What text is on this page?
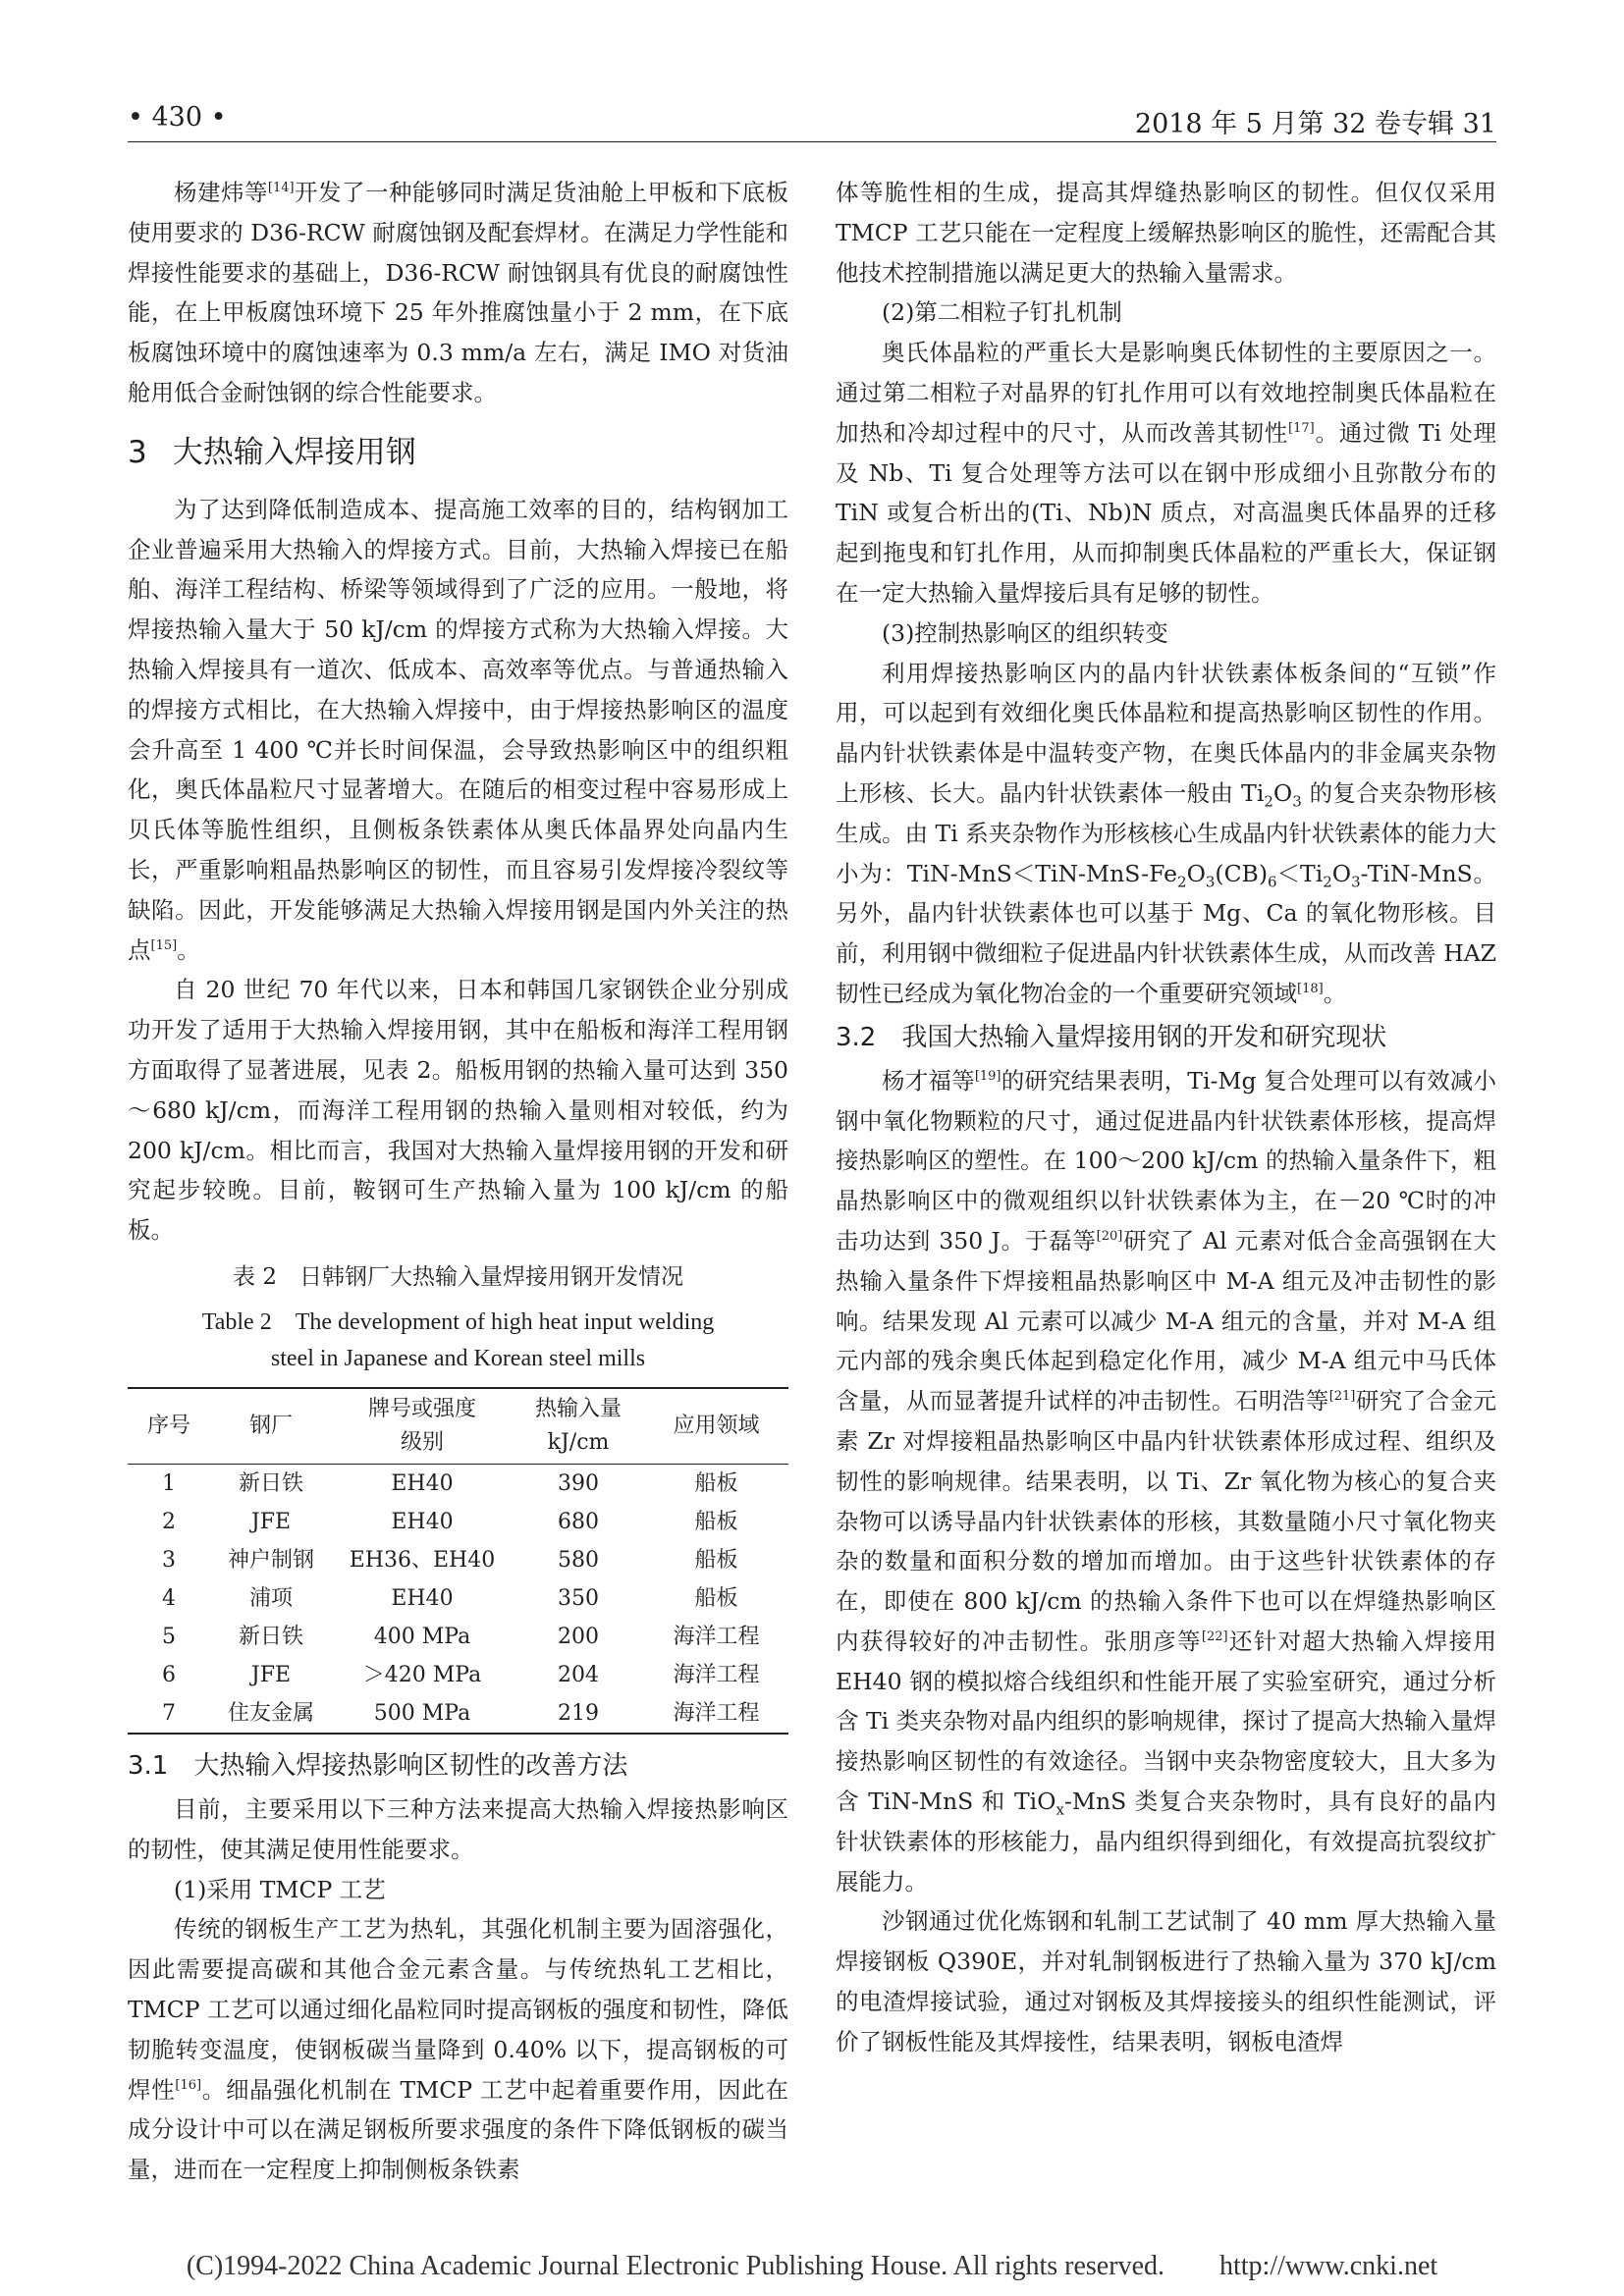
• 430 •	2018 年 5 月第 32 卷专辑 31

杨建炜等[14]开发了一种能够同时满足货油舱上甲板和下底板使用要求的 D36-RCW 耐腐蚀钢及配套焊材。在满足力学性能和焊接性能要求的基础上，D36-RCW 耐蚀钢具有优良的耐腐蚀性能，在上甲板腐蚀环境下 25 年外推腐蚀量小于 2 mm，在下底板腐蚀环境中的腐蚀速率为 0.3 mm/a 左右，满足 IMO 对货油舱用低合金耐蚀钢的综合性能要求。

3 大热输入焊接用钢

为了达到降低制造成本、提高施工效率的目的，结构钢加工企业普遍采用大热输入的焊接方式。目前，大热输入焊接已在船舶、海洋工程结构、桥梁等领域得到了广泛的应用。一般地，将焊接热输入量大于 50 kJ/cm 的焊接方式称为大热输入焊接。大热输入焊接具有一道次、低成本、高效率等优点。与普通热输入的焊接方式相比，在大热输入焊接中，由于焊接热影响区的温度会升高至 1 400 ℃并长时间保温，会导致热影响区中的组织粗化，奥氏体晶粒尺寸显著增大。在随后的相变过程中容易形成上贝氏体等脆性组织，且侧板条铁素体从奥氏体晶界处向晶内生长，严重影响粗晶热影响区的韧性，而且容易引发焊接冷裂纹等缺陷。因此，开发能够满足大热输入焊接用钢是国内外关注的热点[15]。

自 20 世纪 70 年代以来，日本和韩国几家钢铁企业分别成功开发了适用于大热输入焊接用钢，其中在船板和海洋工程用钢方面取得了显著进展，见表 2。船板用钢的热输入量可达到 350～680 kJ/cm，而海洋工程用钢的热输入量则相对较低，约为 200 kJ/cm。相比而言，我国对大热输入量焊接用钢的开发和研究起步较晚。目前，鞍钢可生产热输入量为 100 kJ/cm 的船板。

表 2　日韩钢厂大热输入量焊接用钢开发情况
Table 2　The development of high heat input welding
steel in Japanese and Korean steel mills
序号	钢厂	牌号或强度级别	热输入量kJ/cm	应用领域
1	新日铁	EH40	390	船板
2	JFE	EH40	680	船板
3	神户制钢	EH36、EH40	580	船板
4	浦项	EH40	350	船板
5	新日铁	400 MPa	200	海洋工程
6	JFE	＞420 MPa	204	海洋工程
7	住友金属	500 MPa	219	海洋工程
3.1 大热输入焊接热影响区韧性的改善方法

目前，主要采用以下三种方法来提高大热输入焊接热影响区的韧性，使其满足使用性能要求。

(1)采用 TMCP 工艺

传统的钢板生产工艺为热轧，其强化机制主要为固溶强化，因此需要提高碳和其他合金元素含量。与传统热轧工艺相比，TMCP 工艺可以通过细化晶粒同时提高钢板的强度和韧性，降低韧脆转变温度，使钢板碳当量降到 0.40% 以下，提高钢板的可焊性[16]。细晶强化机制在 TMCP 工艺中起着重要作用，因此在成分设计中可以在满足钢板所要求强度的条件下降低钢板的碳当量，进而在一定程度上抑制侧板条铁素

体等脆性相的生成，提高其焊缝热影响区的韧性。但仅仅采用 TMCP 工艺只能在一定程度上缓解热影响区的脆性，还需配合其他技术控制措施以满足更大的热输入量需求。

(2)第二相粒子钉扎机制

奥氏体晶粒的严重长大是影响奥氏体韧性的主要原因之一。通过第二相粒子对晶界的钉扎作用可以有效地控制奥氏体晶粒在加热和冷却过程中的尺寸，从而改善其韧性[17]。通过微 Ti 处理及 Nb、Ti 复合处理等方法可以在钢中形成细小且弥散分布的 TiN 或复合析出的(Ti、Nb)N 质点，对高温奥氏体晶界的迁移起到拖曳和钉扎作用，从而抑制奥氏体晶粒的严重长大，保证钢在一定大热输入量焊接后具有足够的韧性。

(3)控制热影响区的组织转变

利用焊接热影响区内的晶内针状铁素体板条间的“互锁”作用，可以起到有效细化奥氏体晶粒和提高热影响区韧性的作用。晶内针状铁素体是中温转变产物，在奥氏体晶内的非金属夹杂物上形核、长大。晶内针状铁素体一般由 $Ti_2O_3$ 的复合夹杂物形核生成。由 Ti 系夹杂物作为形核核心生成晶内针状铁素体的能力大小为：TiN-$MnS<TiN-MnS-Fe_2O_3(CB)_6<Ti_2O_3-TiN$-MnS。另外，晶内针状铁素体也可以基于 Mg、Ca 的氧化物形核。目前，利用钢中微细粒子促进晶内针状铁素体生成，从而改善 HAZ 韧性已经成为氧化物冶金的一个重要研究领域[18]。

3.2 我国大热输入量焊接用钢的开发和研究现状

杨才福等[19]的研究结果表明，Ti-Mg 复合处理可以有效减小钢中氧化物颗粒的尺寸，通过促进晶内针状铁素体形核，提高焊接热影响区的塑性。在 100～200 kJ/cm 的热输入量条件下，粗晶热影响区中的微观组织以针状铁素体为主，在－20 ℃时的冲击功达到 350 J。于磊等[20]研究了 Al 元素对低合金高强钢在大热输入量条件下焊接粗晶热影响区中 M-A 组元及冲击韧性的影响。结果发现 Al 元素可以减少 M-A 组元的含量，并对 M-A 组元内部的残余奥氏体起到稳定化作用，减少 M-A 组元中马氏体含量，从而显著提升试样的冲击韧性。石明浩等[21]研究了合金元素 Zr 对焊接粗晶热影响区中晶内针状铁素体形成过程、组织及韧性的影响规律。结果表明，以 Ti、Zr 氧化物为核心的复合夹杂物可以诱导晶内针状铁素体的形核，其数量随小尺寸氧化物夹杂的数量和面积分数的增加而增加。由于这些针状铁素体的存在，即使在 800 kJ/cm 的热输入条件下也可以在焊缝热影响区内获得较好的冲击韧性。张朋彦等[22]还针对超大热输入焊接用 EH40 钢的模拟熔合线组织和性能开展了实验室研究，通过分析含 Ti 类夹杂物对晶内组织的影响规律，探讨了提高大热输入量焊接热影响区韧性的有效途径。当钢中夹杂物密度较大，且大多为含 TiN-MnS 和 TiO$_x$-MnS 类复合夹杂物时，具有良好的晶内针状铁素体的形核能力，晶内组织得到细化，有效提高抗裂纹扩展能力。

沙钢通过优化炼钢和轧制工艺试制了 40 mm 厚大热输入量焊接钢板 Q390E，并对轧制钢板进行了热输入量为 370 kJ/cm 的电渣焊接试验，通过对钢板及其焊接接头的组织性能测试，评价了钢板性能及其焊接性，结果表明，钢板电渣焊

(C)1994-2022 China Academic Journal Electronic Publishing House. All rights reserved.　　http://www.cnki.net
